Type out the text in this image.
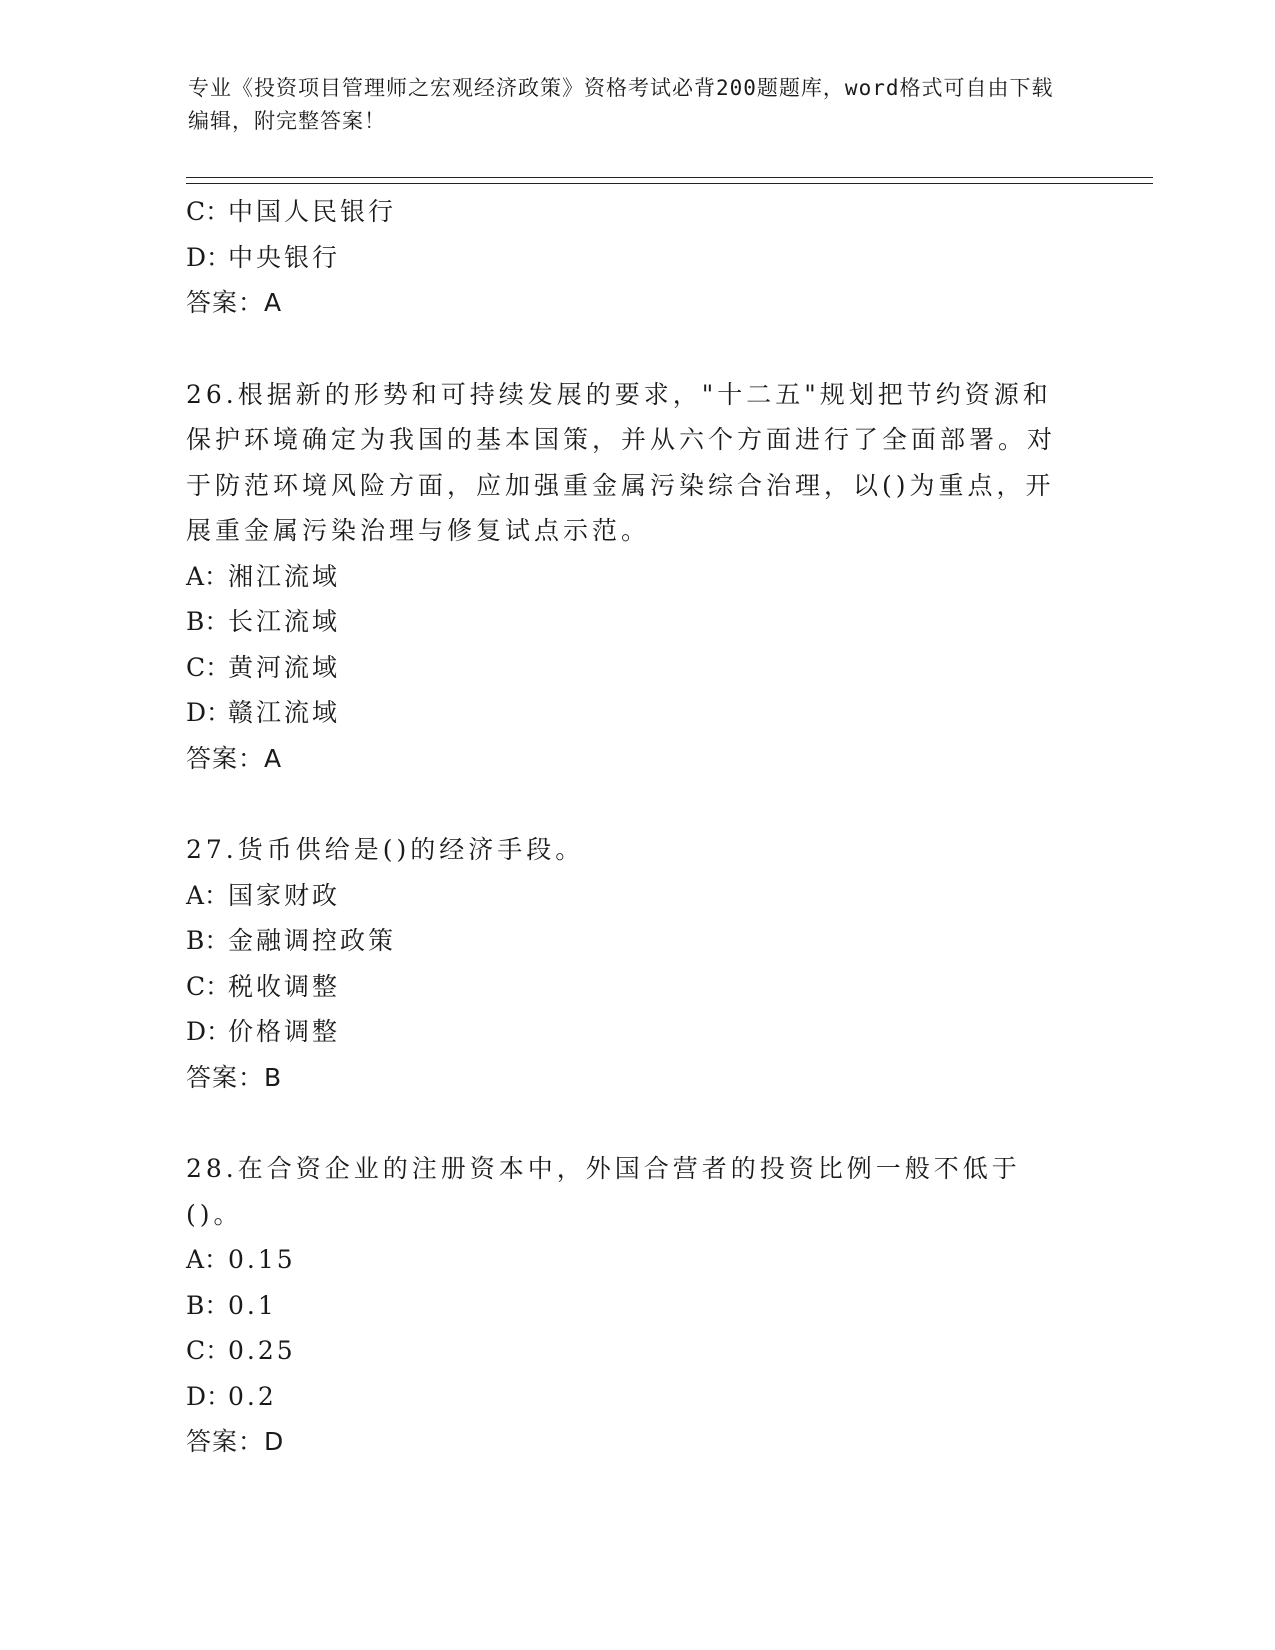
专业《投资项目管理师之宏观经济政策》资格考试必背200题题库，word格式可自由下载编辑，附完整答案！
C：中国人民银行
D：中央银行
答案：A
26.根据新的形势和可持续发展的要求，"十二五"规划把节约资源和保护环境确定为我国的基本国策，并从六个方面进行了全面部署。对于防范环境风险方面，应加强重金属污染综合治理，以()为重点，开展重金属污染治理与修复试点示范。
A：湘江流域
B：长江流域
C：黄河流域
D：赣江流域
答案：A
27.货币供给是()的经济手段。
A：国家财政
B：金融调控政策
C：税收调整
D：价格调整
答案：B
28.在合资企业的注册资本中，外国合营者的投资比例一般不低于()。
A：0.15
B：0.1
C：0.25
D：0.2
答案：D
